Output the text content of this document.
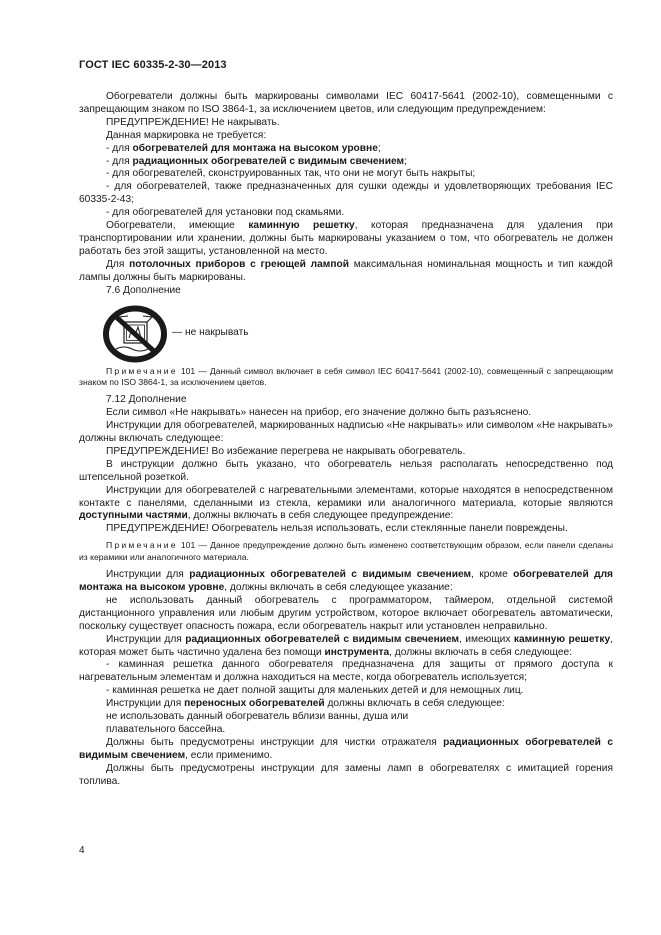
ГОСТ IEC 60335-2-30—2013

Обогреватели должны быть маркированы символами IEC 60417-5641 (2002-10), совмещенными с запрещающим знаком по ISO 3864-1, за исключением цветов, или следующим предупреждением:

ПРЕДУПРЕЖДЕНИЕ! Не накрывать.

Данная маркировка не требуется:

- для обогревателей для монтажа на высоком уровне;

- для радиационных обогревателей с видимым свечением;

- для обогревателей, сконструированных так, что они не могут быть накрыты;

- для обогревателей, также предназначенных для сушки одежды и удовлетворяющих требования IEC 60335-2-43;

- для обогревателей для установки под скамьями.

Обогреватели, имеющие каминную решетку, которая предназначена для удаления при транспортировании или хранении, должны быть маркированы указанием о том, что обогреватель не должен работать без этой защиты, установленной на место.

Для потолочных приборов с греющей лампой максимальная номинальная мощность и тип каждой лампы должны быть маркированы.

7.6 Дополнение

— не накрывать

Примечание 101 — Данный символ включает в себя символ IEC 60417-5641 (2002-10), совмещенный с запрещающим знаком по ISO 3864-1, за исключением цветов.

7.12 Дополнение

Если символ «Не накрывать» нанесен на прибор, его значение должно быть разъяснено.

Инструкции для обогревателей, маркированных надписью «Не накрывать» или символом «Не накрывать» должны включать следующее:

ПРЕДУПРЕЖДЕНИЕ! Во избежание перегрева не накрывать обогреватель.

В инструкции должно быть указано, что обогреватель нельзя располагать непосредственно под штепсельной розеткой.

Инструкции для обогревателей с нагревательными элементами, которые находятся в непосредственном контакте с панелями, сделанными из стекла, керамики или аналогичного материала, которые являются доступными частями, должны включать в себя следующее предупреждение:

ПРЕДУПРЕЖДЕНИЕ! Обогреватель нельзя использовать, если стеклянные панели повреждены.

Примечание 101 — Данное предупреждение должно быть изменено соответствующим образом, если панели сделаны из керамики или аналогичного материала.

Инструкции для радиационных обогревателей с видимым свечением, кроме обогревателей для монтажа на высоком уровне, должны включать в себя следующее указание:

не использовать данный обогреватель с программатором, таймером, отдельной системой дистанционного управления или любым другим устройством, которое включает обогреватель автоматически, поскольку существует опасность пожара, если обогреватель накрыт или установлен неправильно.

Инструкции для радиационных обогревателей с видимым свечением, имеющих каминную решетку, которая может быть частично удалена без помощи инструмента, должны включать в себя следующее:

- каминная решетка данного обогревателя предназначена для защиты от прямого доступа к нагревательным элементам и должна находиться на месте, когда обогреватель используется;

- каминная решетка не дает полной защиты для маленьких детей и для немощных лиц.

Инструкции для переносных обогревателей должны включать в себя следующее:

не использовать данный обогреватель вблизи ванны, душа или

плавательного бассейна.

Должны быть предусмотрены инструкции для чистки отражателя радиационных обогревателей с видимым свечением, если применимо.

Должны быть предусмотрены инструкции для замены ламп в обогревателях с имитацией горения топлива.

4
